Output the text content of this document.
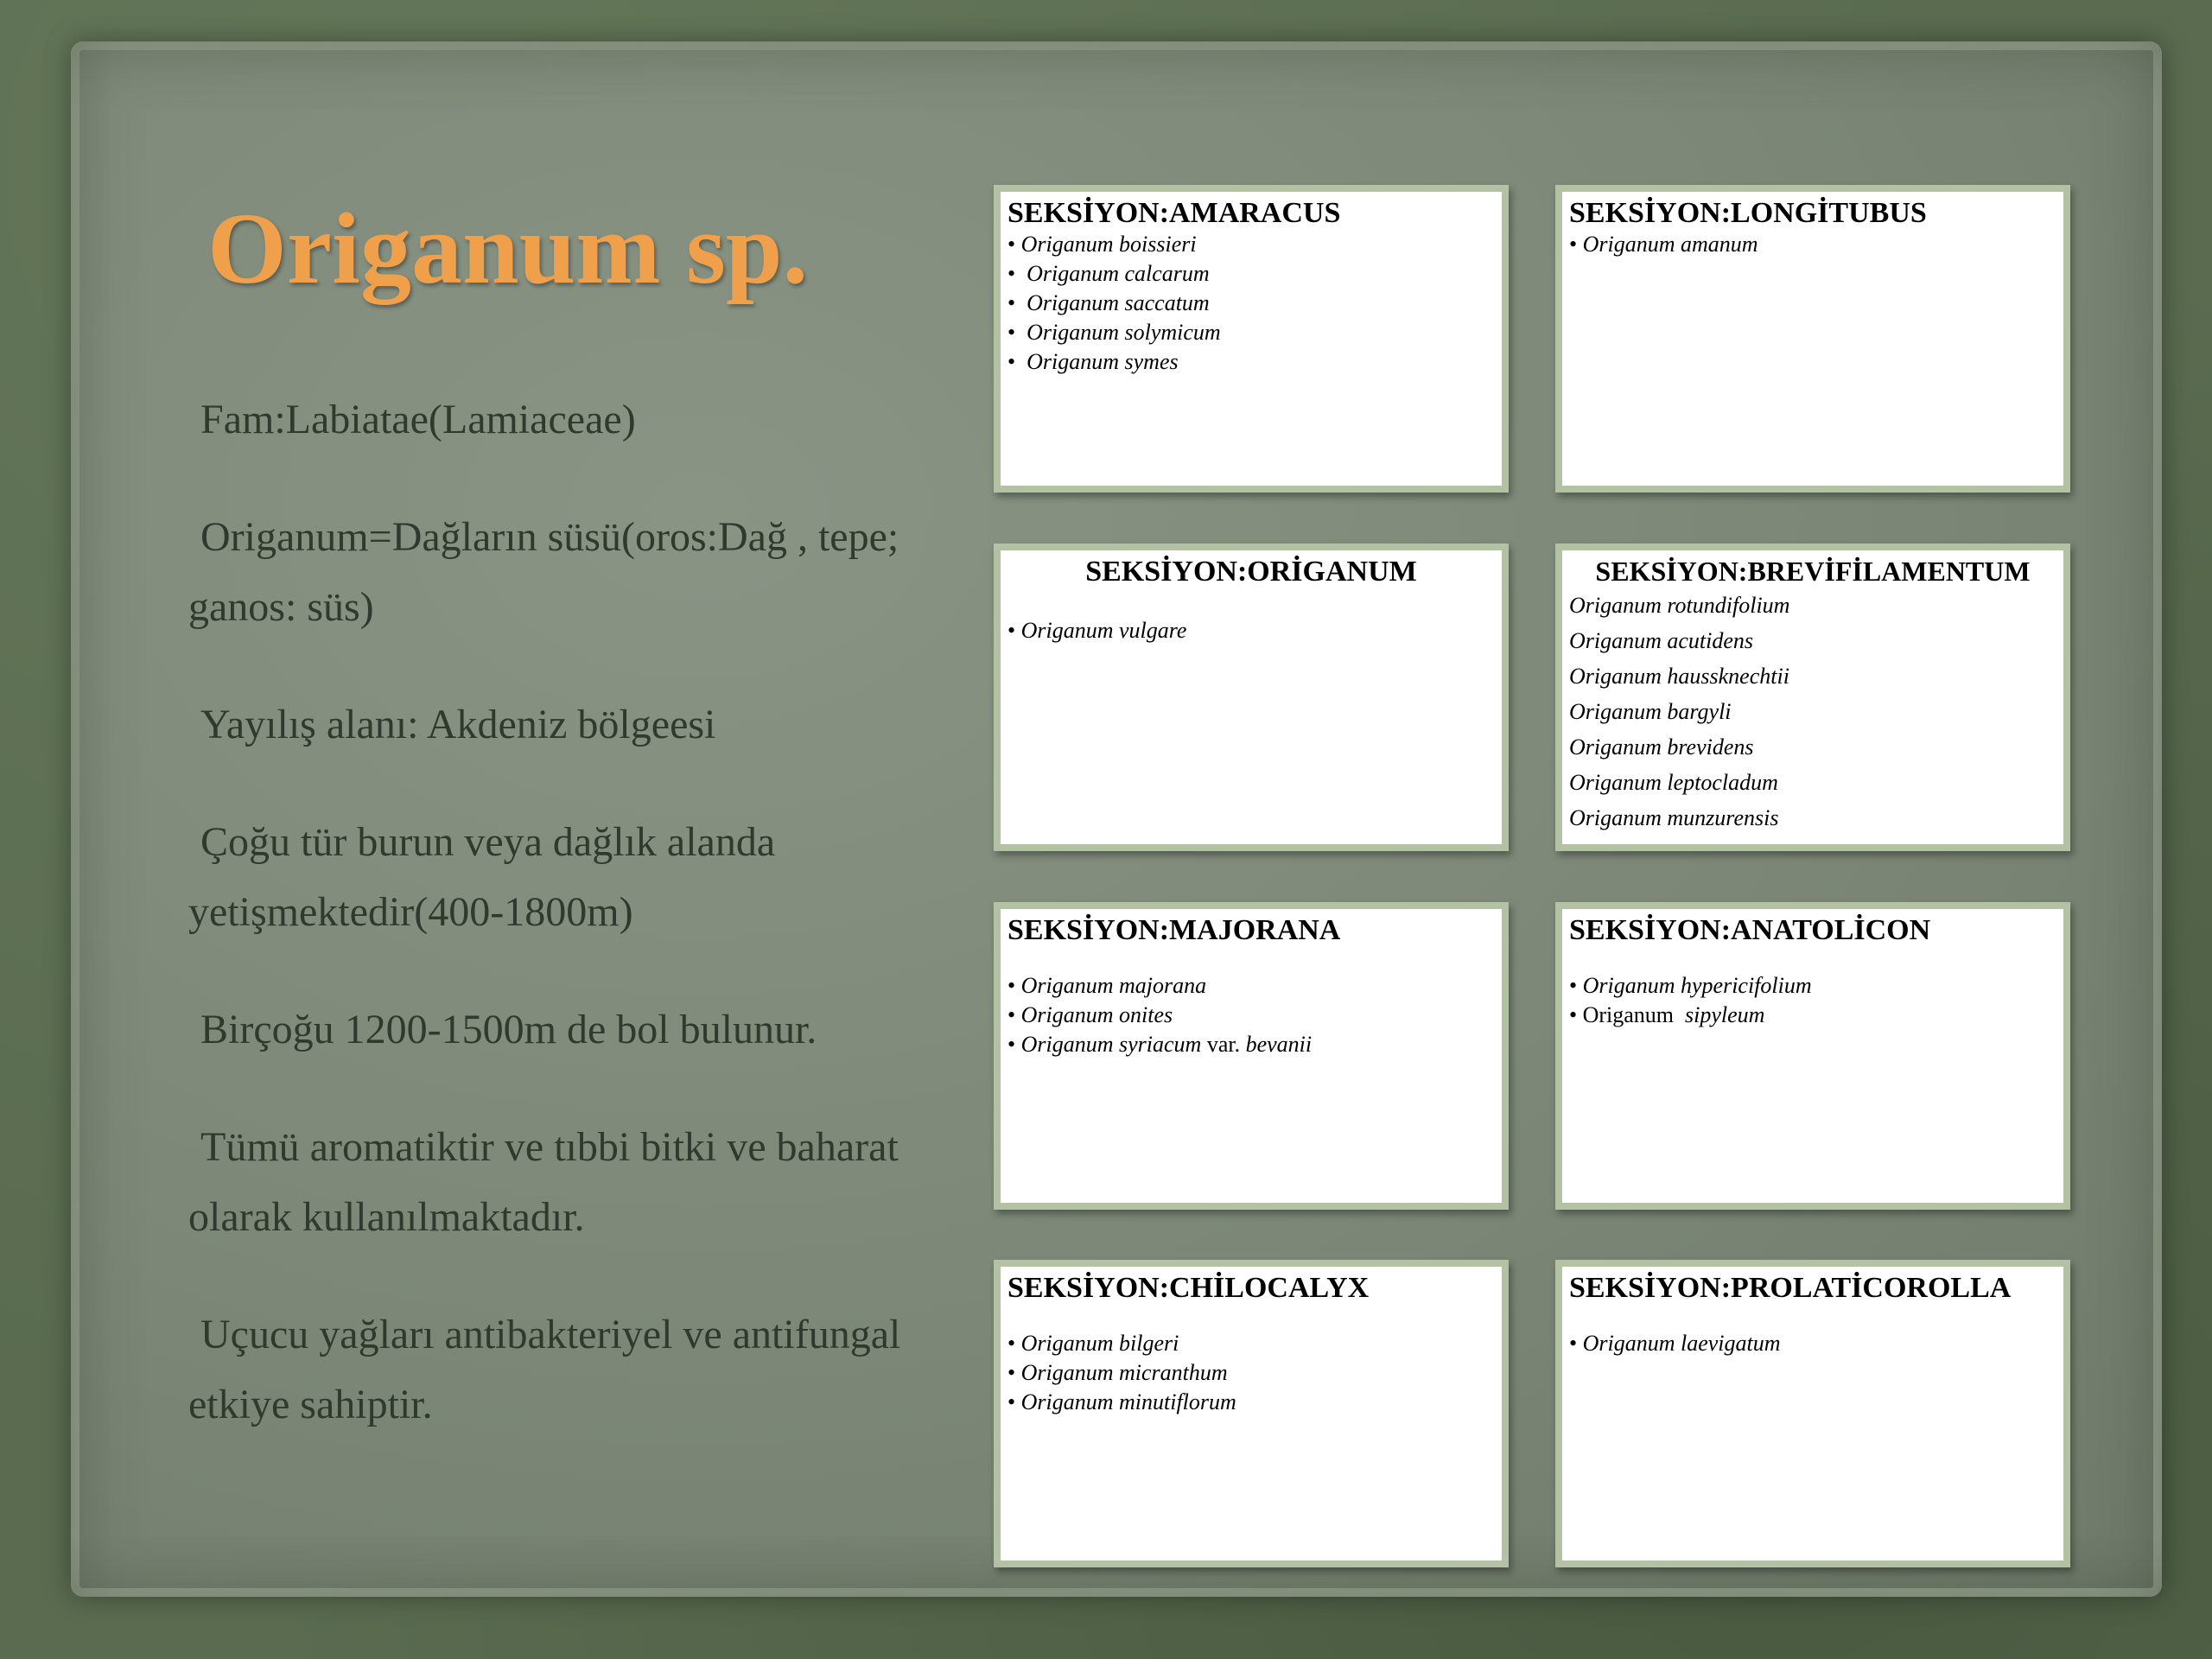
Origanum sp.
Fam:Labiatae(Lamiaceae)
Origanum=Dağların süsü(oros:Dağ , tepe; ganos: süs)
Yayılış alanı: Akdeniz bölgeesi
Çoğu tür burun veya dağlık alanda yetişmektedir(400-1800m)
Birçoğu 1200-1500m de bol bulunur.
Tümü aromatiktir ve tıbbi bitki ve baharat olarak kullanılmaktadır.
Uçucu yağları antibakteriyel ve antifungal etkiye sahiptir.
SEKSİYON:AMARACUS
• Origanum boissieri
• Origanum calcarum
• Origanum saccatum
• Origanum solymicum
• Origanum symes
SEKSİYON:LONGİTUBUS
• Origanum amanum
SEKSİYON:ORİGANUM
• Origanum vulgare
SEKSİYON:BREVİFİLAMENTUM
Origanum rotundifolium
Origanum acutidens
Origanum haussknechtii
Origanum bargyli
Origanum brevidens
Origanum leptocladum
Origanum munzurensis
SEKSİYON:MAJORANA
• Origanum majorana
• Origanum onites
• Origanum syriacum var. bevanii
SEKSİYON:ANATOLİCON
• Origanum hypericifolium
• Origanum sipyleum
SEKSİYON:CHİLOCALYX
• Origanum bilgeri
• Origanum micranthum
• Origanum minutiflorum
SEKSİYON:PROLATİCOROLLA
• Origanum laevigatum
